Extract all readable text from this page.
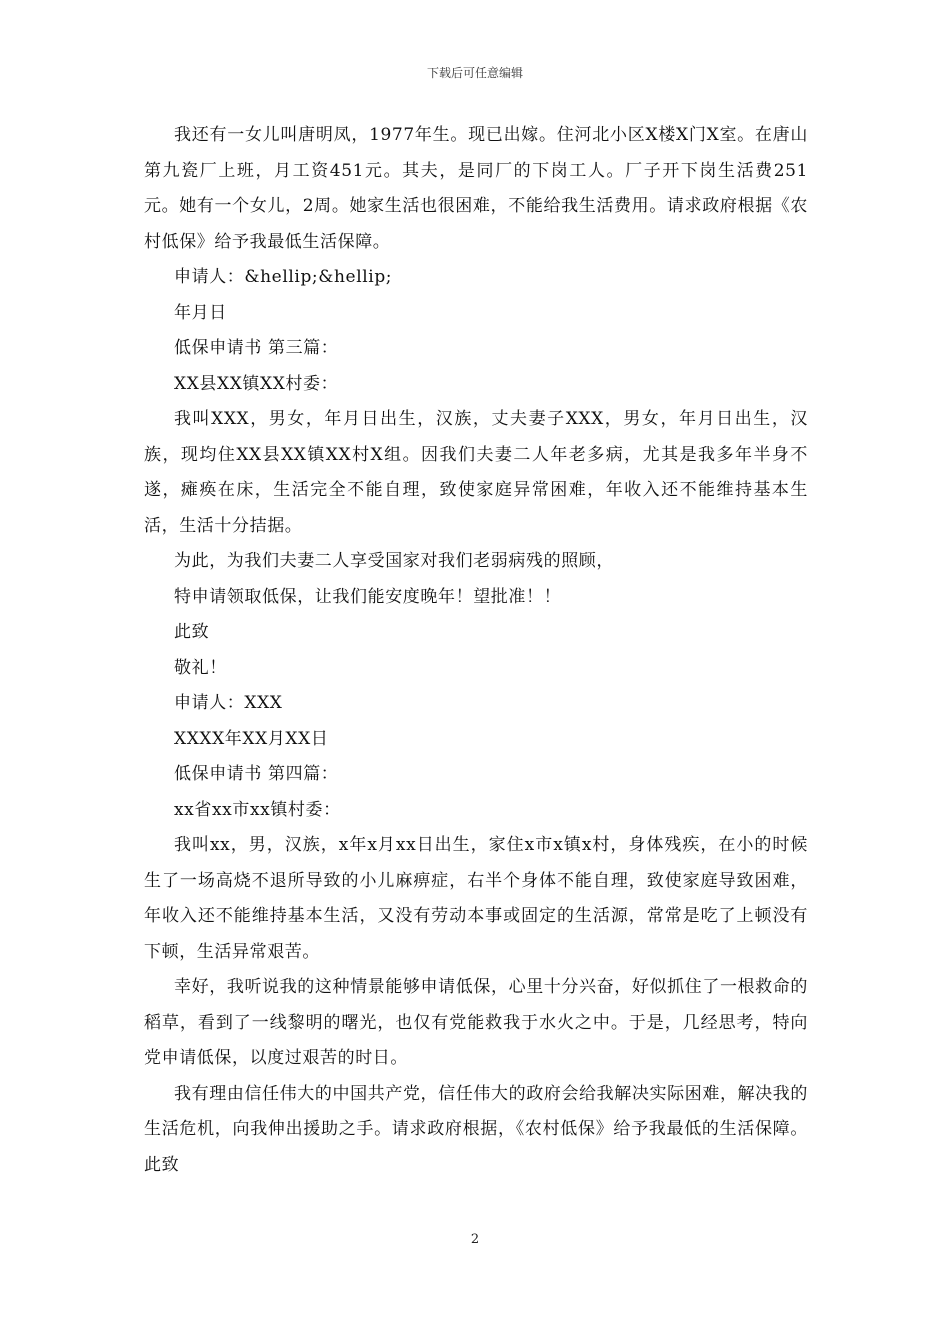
下载后可任意编辑

我还有一女儿叫唐明凤，1977年生。现已出嫁。住河北小区X楼X门X室。在唐山第九瓷厂上班，月工资451元。其夫，是同厂的下岗工人。厂子开下岗生活费251元。她有一个女儿，2周。她家生活也很困难，不能给我生活费用。请求政府根据《农村低保》给予我最低生活保障。

申请人：&hellip;&hellip;

年月日

低保申请书 第三篇：

XX县XX镇XX村委：

我叫XXX，男女，年月日出生，汉族，丈夫妻子XXX，男女，年月日出生，汉族，现均住XX县XX镇XX村X组。因我们夫妻二人年老多病，尤其是我多年半身不遂，瘫痪在床，生活完全不能自理，致使家庭异常困难，年收入还不能维持基本生活，生活十分拮据。

为此，为我们夫妻二人享受国家对我们老弱病残的照顾，

特申请领取低保，让我们能安度晚年！望批准！！

此致

敬礼！

申请人：XXX

XXXX年XX月XX日

低保申请书 第四篇：

xx省xx市xx镇村委：

我叫xx，男，汉族，x年x月xx日出生，家住x市x镇x村，身体残疾，在小的时候生了一场高烧不退所导致的小儿麻痹症，右半个身体不能自理，致使家庭导致困难，年收入还不能维持基本生活，又没有劳动本事或固定的生活源，常常是吃了上顿没有下顿，生活异常艰苦。

幸好，我听说我的这种情景能够申请低保，心里十分兴奋，好似抓住了一根救命的稻草，看到了一线黎明的曙光，也仅有党能救我于水火之中。于是，几经思考，特向党申请低保，以度过艰苦的时日。

我有理由信任伟大的中国共产党，信任伟大的政府会给我解决实际困难，解决我的生活危机，向我伸出援助之手。请求政府根据，《农村低保》给予我最低的生活保障。此致

2
